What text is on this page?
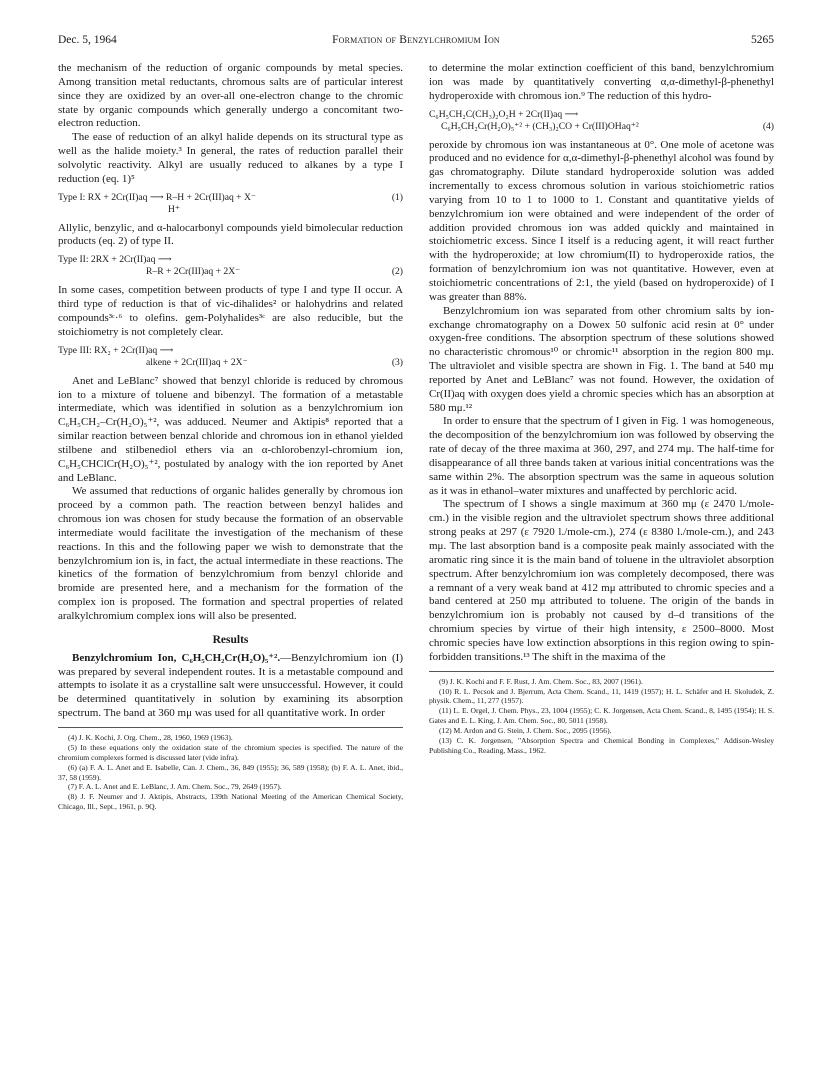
Dec. 5, 1964	Formation of Benzylchromium Ion	5265

the mechanism of the reduction of organic compounds by metal species. Among transition metal reductants, chromous salts are of particular interest since they are oxidized by an over-all one-electron change to the chromic state by organic compounds which generally undergo a concomitant two-electron reduction.

The ease of reduction of an alkyl halide depends on its structural type as well as the halide moiety.³ In general, the rates of reduction parallel their solvolytic reactivity. Alkyl are usually reduced to alkanes by a type I reduction (eq. 1)⁵

Type I: RX + 2Cr(II)aq ⟶ R–H + 2Cr(III)aq + X⁻	(1)
H⁺

Allylic, benzylic, and α-halocarbonyl compounds yield bimolecular reduction products (eq. 2) of type II.

Type II: 2RX + 2Cr(II)aq ⟶
R–R + 2Cr(III)aq + 2X⁻	(2)

In some cases, competition between products of type I and type II occur. A third type of reduction is that of vic-dihalides² or halohydrins and related compounds³ᶜ·⁶ to olefins. gem-Polyhalides³ᶜ are also reducible, but the stoichiometry is not completely clear.

Type III: RX₂ + 2Cr(II)aq ⟶
alkene + 2Cr(III)aq + 2X⁻	(3)

Anet and LeBlanc⁷ showed that benzyl chloride is reduced by chromous ion to a mixture of toluene and bibenzyl. The formation of a metastable intermediate, which was identified in solution as a benzylchromium ion C₆H₅CH₂–Cr(H₂O)₅⁺², was adduced. Neumer and Aktipis⁸ reported that a similar reaction between benzal chloride and chromous ion in ethanol yielded stilbene and stilbenediol ethers via an α-chlorobenzyl-chromium ion, C₆H₅CHClCr(H₂O)₅⁺², postulated by analogy with the ion reported by Anet and LeBlanc.

We assumed that reductions of organic halides generally by chromous ion proceed by a common path. The reaction between benzyl halides and chromous ion was chosen for study because the formation of an observable intermediate would facilitate the investigation of the mechanism of these reactions. In this and the following paper we wish to demonstrate that the benzylchromium ion is, in fact, the actual intermediate in these reactions. The kinetics of the formation of benzylchromium from benzyl chloride and bromide are presented here, and a mechanism for the formation of the complex ion is proposed. The formation and spectral properties of related aralkylchromium complex ions will also be presented.

Results

Benzylchromium Ion, C₆H₅CH₂Cr(H₂O)₅⁺².—Benzylchromium ion (I) was prepared by several independent routes. It is a metastable compound and attempts to isolate it as a crystalline salt were unsuccessful. However, it could be determined quantitatively in solution by examining its absorption spectrum. The band at 360 mμ was used for all quantitative work. In order

(4) J. K. Kochi, J. Org. Chem., 28, 1960, 1969 (1963).
(5) In these equations only the oxidation state of the chromium species is specified. The nature of the chromium complexes formed is discussed later (vide infra).
(6) (a) F. A. L. Anet and E. Isabelle, Can. J. Chem., 36, 849 (1955); 36, 589 (1958); (b) F. A. L. Anet, ibid., 37, 58 (1959).
(7) F. A. L. Anet and E. LeBlanc, J. Am. Chem. Soc., 79, 2649 (1957).
(8) J. F. Neumer and J. Aktipis, Abstracts, 139th National Meeting of the American Chemical Society, Chicago, Ill., Sept., 1961, p. 9Q.

to determine the molar extinction coefficient of this band, benzylchromium ion was made by quantitatively converting α,α-dimethyl-β-phenethyl hydroperoxide with chromous ion.⁹ The reduction of this hydro-

C₆H₅CH₂C(CH₃)₂O₂H + 2Cr(II)aq ⟶
C₆H₅CH₂Cr(H₂O)₅⁺² + (CH₃)₂CO + Cr(III)OHaq⁺²	(4)

peroxide by chromous ion was instantaneous at 0°. One mole of acetone was produced and no evidence for α,α-dimethyl-β-phenethyl alcohol was found by gas chromatography. Dilute standard hydroperoxide solution was added incrementally to excess chromous solution in various stoichiometric ratios varying from 10 to 1 to 1000 to 1. Constant and quantitative yields of benzylchromium ion were obtained and were independent of the order of addition provided chromous ion was added quickly and maintained in stoichiometric excess. Since I itself is a reducing agent, it will react further with the hydroperoxide; at low chromium(II) to hydroperoxide ratios, the formation of benzylchromium ion was not quantitative. However, even at stoichiometric concentrations of 2:1, the yield (based on hydroperoxide) of I was greater than 88%.

Benzylchromium ion was separated from other chromium salts by ion-exchange chromatography on a Dowex 50 sulfonic acid resin at 0° under oxygen-free conditions. The absorption spectrum of these solutions showed no characteristic chromous¹⁰ or chromic¹¹ absorption in the region 800 mμ. The ultraviolet and visible spectra are shown in Fig. 1. The band at 540 mμ reported by Anet and LeBlanc⁷ was not found. However, the oxidation of Cr(II)aq with oxygen does yield a chromic species which has an absorption at 580 mμ.¹²

In order to ensure that the spectrum of I given in Fig. 1 was homogeneous, the decomposition of the benzylchromium ion was followed by observing the rate of decay of the three maxima at 360, 297, and 274 mμ. The half-time for disappearance of all three bands taken at various initial concentrations was the same within 2%. The absorption spectrum was the same in aqueous solution as it was in ethanol–water mixtures and unaffected by perchloric acid.

The spectrum of I shows a single maximum at 360 mμ (ε 2470 l./mole-cm.) in the visible region and the ultraviolet spectrum shows three additional strong peaks at 297 (ε 7920 l./mole-cm.), 274 (ε 8380 l./mole-cm.), and 243 mμ. The last absorption band is a composite peak mainly associated with the aromatic ring since it is the main band of toluene in the ultraviolet absorption spectrum. After benzylchromium ion was completely decomposed, there was a remnant of a very weak band at 412 mμ attributed to chromic species and a band centered at 250 mμ attributed to toluene. The origin of the bands in benzylchromium ion is probably not caused by d–d transitions of the chromium species by virtue of their high intensity, ε 2500–8000. Most chromic species have low extinction absorptions in this region owing to spin-forbidden transitions.¹³ The shift in the maxima of the

(9) J. K. Kochi and F. F. Rust, J. Am. Chem. Soc., 83, 2007 (1961).
(10) R. L. Pecsok and J. Bjerrum, Acta Chem. Scand., 11, 1419 (1957); H. L. Schäfer and H. Skoludek, Z. physik. Chem., 11, 277 (1957).
(11) L. E. Orgel, J. Chem. Phys., 23, 1004 (1955); C. K. Jorgensen, Acta Chem. Scand., 8, 1495 (1954); H. S. Gates and E. L. King, J. Am. Chem. Soc., 80, 5011 (1958).
(12) M. Ardon and G. Stein, J. Chem. Soc., 2095 (1956).
(13) C. K. Jorgensen, "Absorption Spectra and Chemical Bonding in Complexes," Addison-Wesley Publishing Co., Reading, Mass., 1962.
